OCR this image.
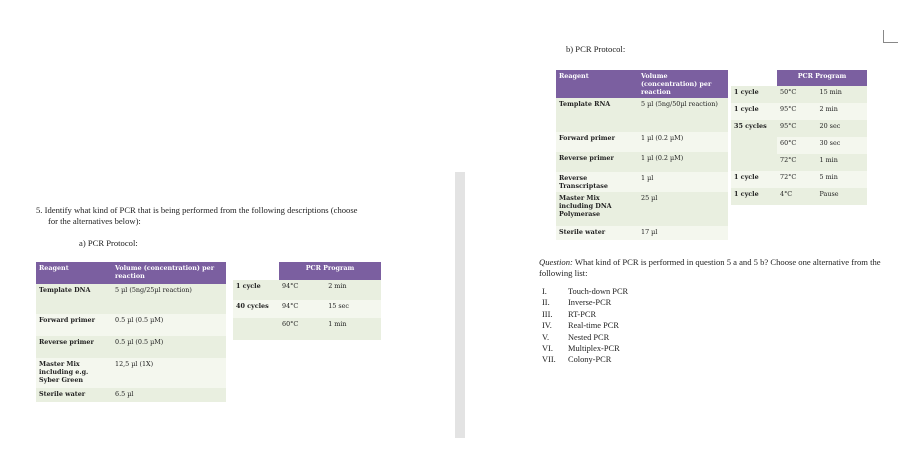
5. Identify what kind of PCR that is being performed from the following descriptions (choose
for the alternatives below):
a) PCR Protocol:
Reagent	Volume (concentration) per reaction
Template DNA	5 µl (5ng/25µl reaction)
Forward primer	0.5 µl (0.5 µM)
Reverse primer	0.5 µl (0.5 µM)
Master Mix including e.g. Syber Green	12,5 µl (1X)
Sterile water	6.5 µl
	PCR Program	
1 cycle	94°C	2 min
40 cycles	94°C	15 sec
	60°C	1 min
b) PCR Protocol:
Reagent	Volume (concentration) per reaction
Template RNA	5 µl (5ng/50µl reaction)
Forward primer	1 µl (0.2 µM)
Reverse primer	1 µl (0.2 µM)
Reverse Transcriptase	1 µl
Master Mix including DNA Polymerase	25 µl
Sterile water	17 µl
	PCR Program	
1 cycle	50°C	15 min
1 cycle	95°C	2 min
35 cycles	95°C	20 sec
	60°C	30 sec
	72°C	1 min
1 cycle	72°C	5 min
1 cycle	4°C	Pause
Question: What kind of PCR is performed in question 5 a and 5 b? Choose one alternative from the following list:
I.	Touch-down PCR
II.	Inverse-PCR
III.	RT-PCR
IV.	Real-time PCR
V.	Nested PCR
VI.	Multiplex-PCR
VII.	Colony-PCR
